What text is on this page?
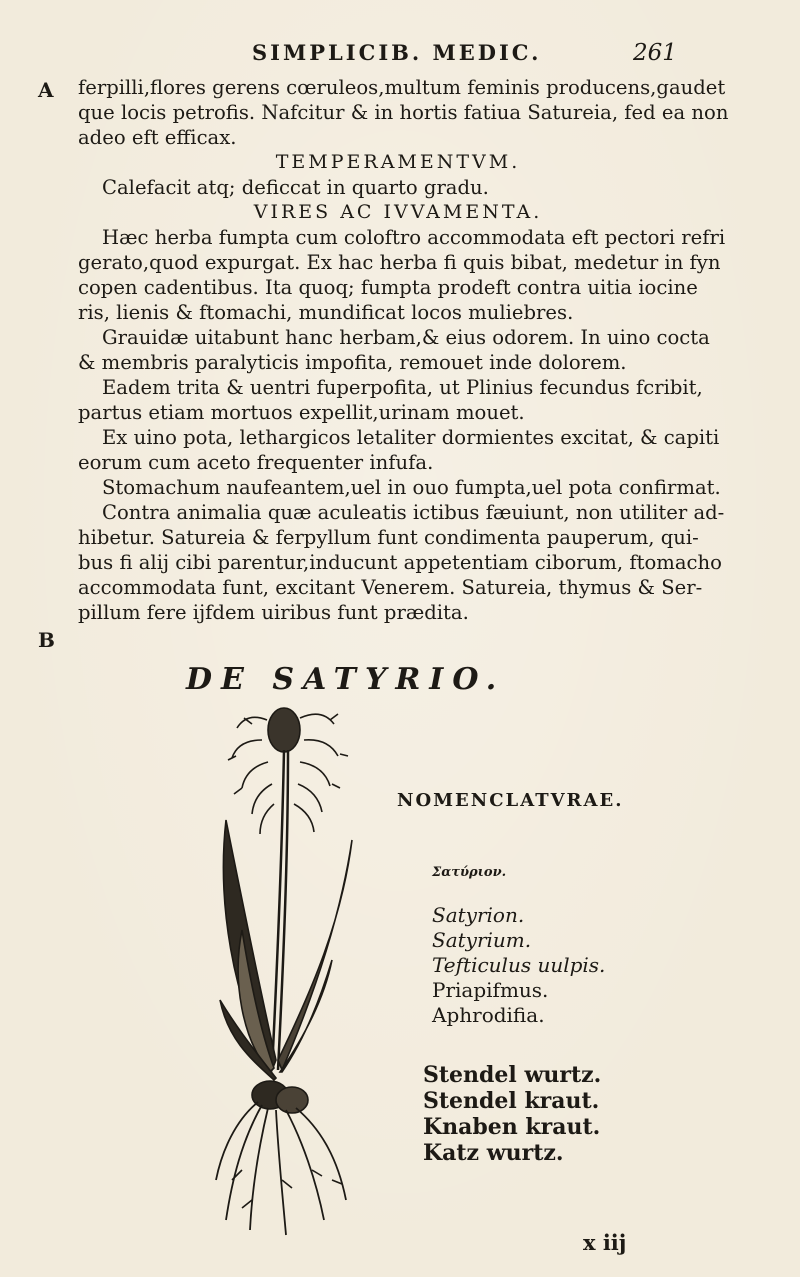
SIMPLICIB. MEDIC.	261
A
B
ferpilli,flores gerens cœruleos,multum feminis producens,gaudet
que locis petrofis. Nafcitur & in hortis fatiua Satureia, fed ea non
adeo eft efficax.
TEMPERAMENTVM.
Calefacit atq; deficcat in quarto gradu.
VIRES AC IVVAMENTA.
Hæc herba fumpta cum coloftro accommodata eft pectori refri
gerato,quod expurgat. Ex hac herba fi quis bibat, medetur in fyn
copen cadentibus. Ita quoq; fumpta prodeft contra uitia iocine
ris, lienis & ftomachi, mundificat locos muliebres.
Grauidæ uitabunt hanc herbam,& eius odorem. In uino cocta
& membris paralyticis impofita, remouet inde dolorem.
Eadem trita & uentri fuperpofita, ut Plinius fecundus fcribit,
partus etiam mortuos expellit,urinam mouet.
Ex uino pota, lethargicos letaliter dormientes excitat, & capiti
eorum cum aceto frequenter infufa.
Stomachum naufeantem,uel in ouo fumpta,uel pota confirmat.
Contra animalia quæ aculeatis ictibus fæuiunt, non utiliter ad-
hibetur. Satureia & ferpyllum funt condimenta pauperum, qui-
bus fi alij cibi parentur,inducunt appetentiam ciborum, ftomacho
accommodata funt, excitant Venerem. Satureia, thymus & Ser-
pillum fere ijfdem uiribus funt prædita.
DE SATYRIO.
NOMENCLATVRAE.
Σατύριον.
Satyrion.
Satyrium.
Tefticulus uulpis.
Priapifmus.
Aphrodifia.
Stendel wurtz.
Stendel kraut.
Knaben kraut.
Katz wurtz.
x iij
